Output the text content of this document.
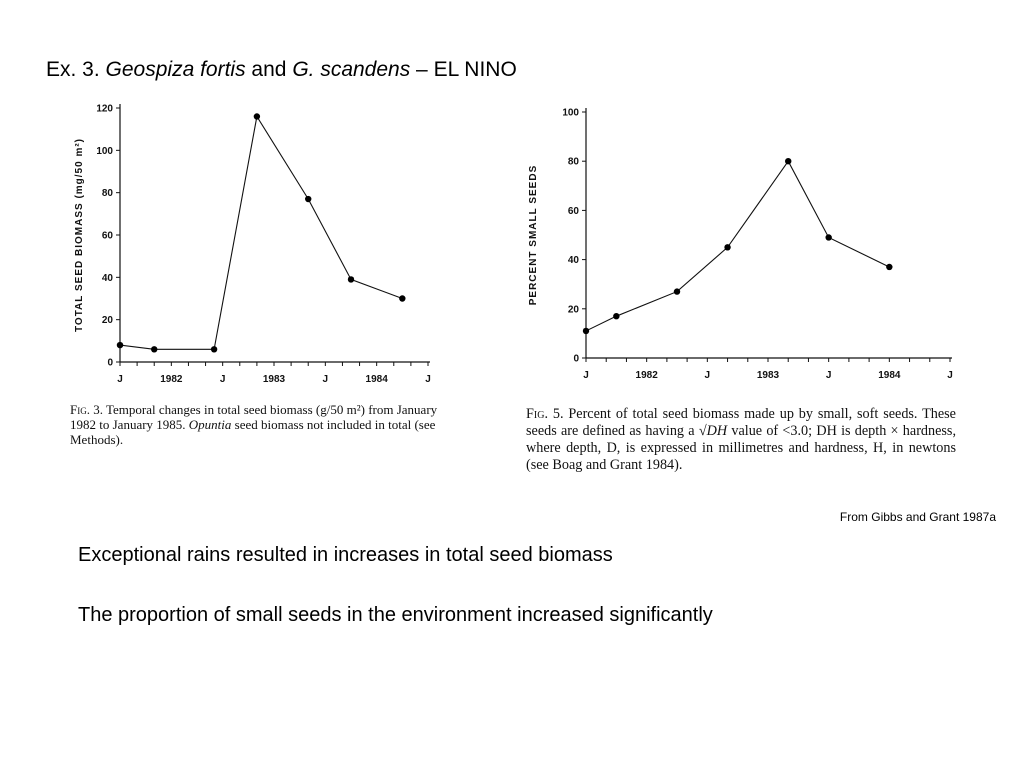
Ex. 3. Geospiza fortis and G. scandens – EL NINO
0
20
40
60
80
100
120
J	1982	J	1983	J	1984	J
TOTAL SEED BIOMASS (mg/50 m²)
0
20
40
60
80
100
J	1982	J	1983	J	1984	J
PERCENT SMALL SEEDS
Fig. 3. Temporal changes in total seed biomass (g/50 m²) from January 1982 to January 1985. Opuntia seed biomass not included in total (see Methods).
Fig. 5. Percent of total seed biomass made up by small, soft seeds. These seeds are defined as having a √DH value of <3.0; DH is depth × hardness, where depth, D, is expressed in millimetres and hardness, H, in newtons (see Boag and Grant 1984).
From Gibbs and Grant 1987a
Exceptional rains resulted in increases in total seed biomass
The proportion of small seeds in the environment increased significantly
